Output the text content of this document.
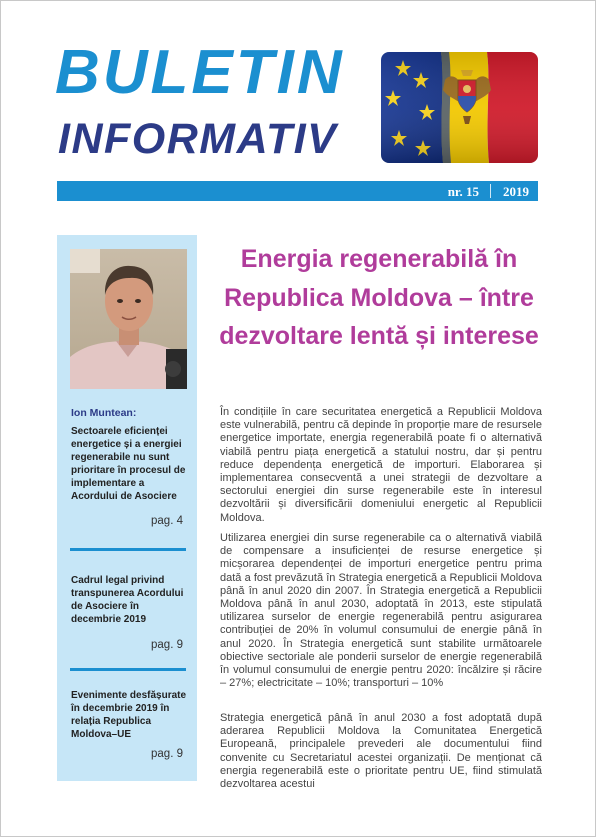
BULETIN
INFORMATIV
nr. 15 2019
Ion Muntean:
Sectoarele eficienței energetice și a energiei regenerabile nu sunt prioritare în procesul de implementare a Acordului de Asociere
pag. 4
Cadrul legal privind transpunerea Acordului de Asociere în decembrie 2019
pag. 9
Evenimente desfășurate în decembrie 2019 în relația Republica Moldova–UE
pag. 9
Energia regenerabilă în Republica Moldova – între dezvoltare lentă și interese

În condițiile în care securitatea energetică a Republicii Moldova este vulnerabilă, pentru că depinde în proporție mare de resursele energetice importate, energia regenerabilă poate fi o alternativă viabilă pentru piața energetică a statului nostru, dar și pentru reduce dependența energetică de importuri. Elaborarea și implementarea consecventă a unei strategii de dezvoltare a sectorului energiei din surse regenerabile este în interesul dezvoltării și diversificării domeniului energetic al Republicii Moldova.

Utilizarea energiei din surse regenerabile ca o alternativă viabilă de compensare a insuficienței de resurse energetice și micșorarea dependenței de importuri energetice pentru prima dată a fost prevăzută în Strategia energetică a Republicii Moldova până în anul 2020 din 2007. În Strategia energetică a Republicii Moldova până în anul 2030, adoptată în 2013, este stipulată utilizarea surselor de energie regenerabilă pentru asigurarea contribuției de 20% în volumul consumului de energie până în anul 2020. În Strategia energetică sunt stabilite următoarele obiective sectoriale ale ponderii surselor de energie regenerabilă în volumul consumului de energie pentru 2020: încălzire și răcire – 27%; electricitate – 10%; transporturi – 10%

Strategia energetică până în anul 2030 a fost adoptată după aderarea Republicii Moldova la Comunitatea Energetică Europeană, principalele prevederi ale documentului fiind convenite cu Secretariatul acestei organizații. De menționat că energia regenerabilă este o prioritate pentru UE, fiind stimulată dezvoltarea acestui
